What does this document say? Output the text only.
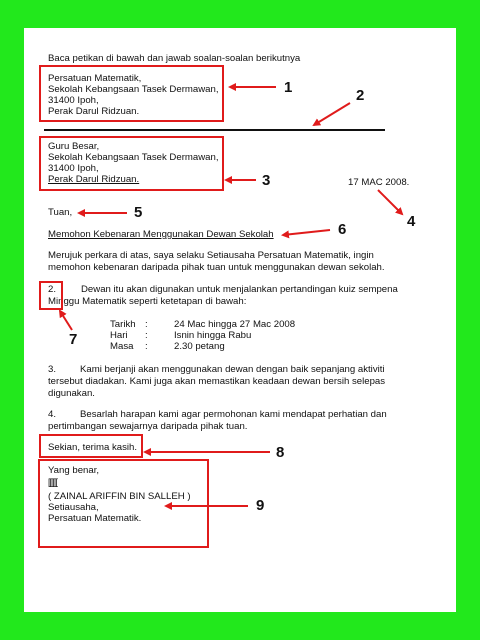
Baca petikan di bawah dan jawab soalan-soalan berikutnya
Persatuan Matematik,
Sekolah Kebangsaan Tasek Dermawan,
31400 Ipoh,
Perak Darul Ridzuan.
Guru Besar,
Sekolah Kebangsaan Tasek Dermawan,
31400 Ipoh,
Perak Darul Ridzuan.	17 MAC 2008.
Tuan,
Memohon Kebenaran Menggunakan Dewan Sekolah
Merujuk perkara di atas, saya selaku Setiausaha Persatuan Matematik, ingin
memohon kebenaran daripada pihak tuan untuk menggunakan dewan sekolah.
2.	Dewan itu akan digunakan untuk menjalankan pertandingan kuiz sempena
Minggu Matematik seperti ketetapan di bawah:
Tarikh :	24 Mac hingga 27 Mac 2008
Hari :	Isnin hingga Rabu
Masa :	2.30 petang
3. Kami berjanji akan menggunakan dewan dengan baik sepanjang aktiviti
tersebut diadakan. Kami juga akan memastikan keadaan dewan bersih selepas
digunakan.
4. Besarlah harapan kami agar permohonan kami mendapat perhatian dan
pertimbangan sewajarnya daripada pihak tuan.
Sekian, terima kasih.
Yang benar,
[[[[[[
( ZAINAL ARIFFIN BIN SALLEH )
Setiausaha,
Persatuan Matematik.
1	2
3
4
5
6
7
8
9
